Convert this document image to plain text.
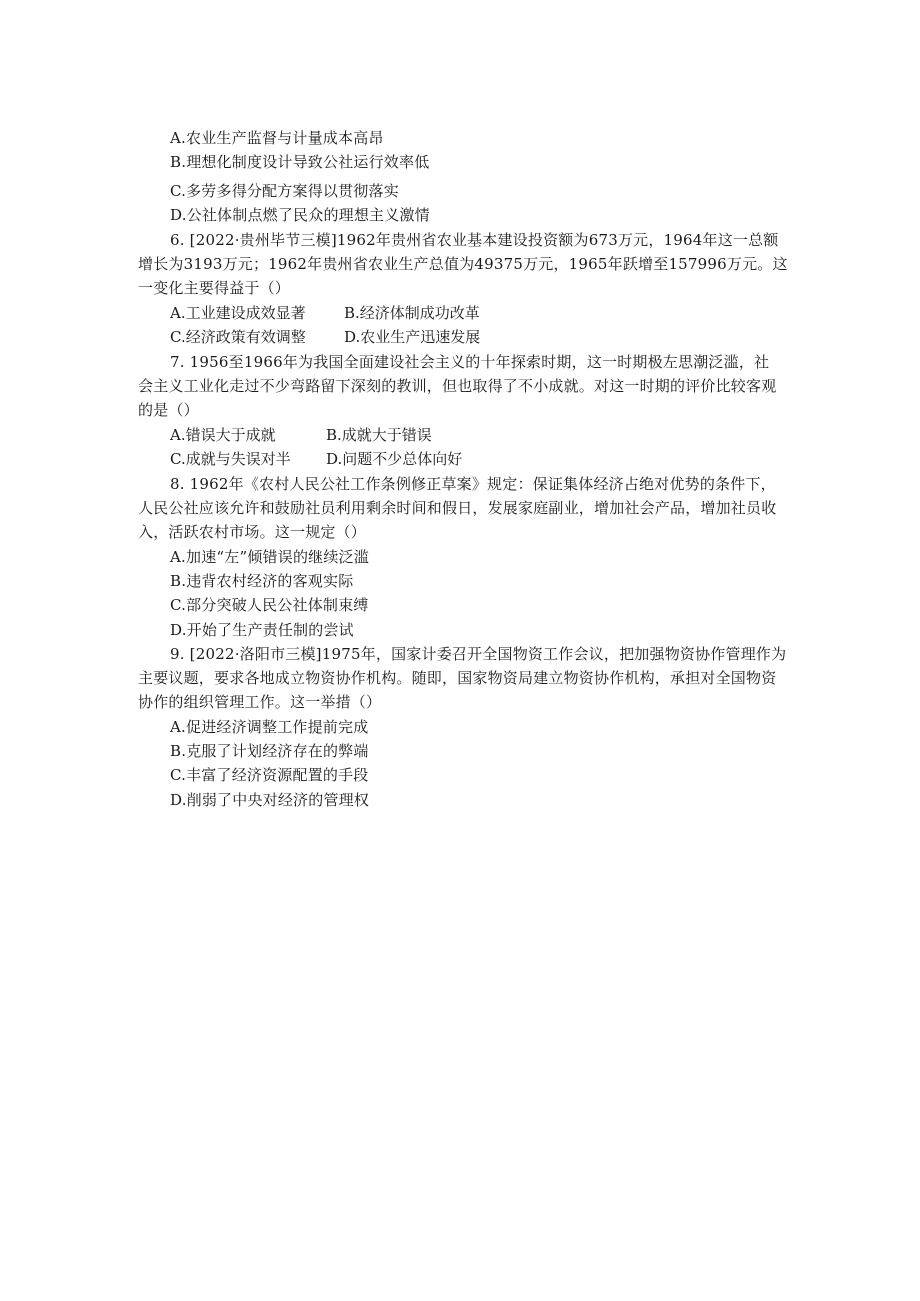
A.农业生产监督与计量成本高昂
B.理想化制度设计导致公社运行效率低
C.多劳多得分配方案得以贯彻落实
D.公社体制点燃了民众的理想主义激情
6. [2022·贵州毕节三模]1962年贵州省农业基本建设投资额为673万元，1964年这一总额
增长为3193万元；1962年贵州省农业生产总值为49375万元，1965年跃增至157996万元。这
一变化主要得益于（）
A.工业建设成效显著	B.经济体制成功改革
C.经济政策有效调整	D.农业生产迅速发展
7. 1956至1966年为我国全面建设社会主义的十年探索时期，这一时期极左思潮泛滥，社
会主义工业化走过不少弯路留下深刻的教训，但也取得了不小成就。对这一时期的评价比较客观
的是（）
A.错误大于成就	B.成就大于错误
C.成就与失误对半 D.问题不少总体向好
8. 1962年《农村人民公社工作条例修正草案》规定：保证集体经济占绝对优势的条件下，
人民公社应该允许和鼓励社员利用剩余时间和假日，发展家庭副业，增加社会产品，增加社员收
入，活跃农村市场。这一规定（）
A.加速“左”倾错误的继续泛滥
B.违背农村经济的客观实际
C.部分突破人民公社体制束缚
D.开始了生产责任制的尝试
9. [2022·洛阳市三模]1975年，国家计委召开全国物资工作会议，把加强物资协作管理作为
主要议题，要求各地成立物资协作机构。随即，国家物资局建立物资协作机构，承担对全国物资
协作的组织管理工作。这一举措（）
A.促进经济调整工作提前完成
B.克服了计划经济存在的弊端
C.丰富了经济资源配置的手段
D.削弱了中央对经济的管理权
